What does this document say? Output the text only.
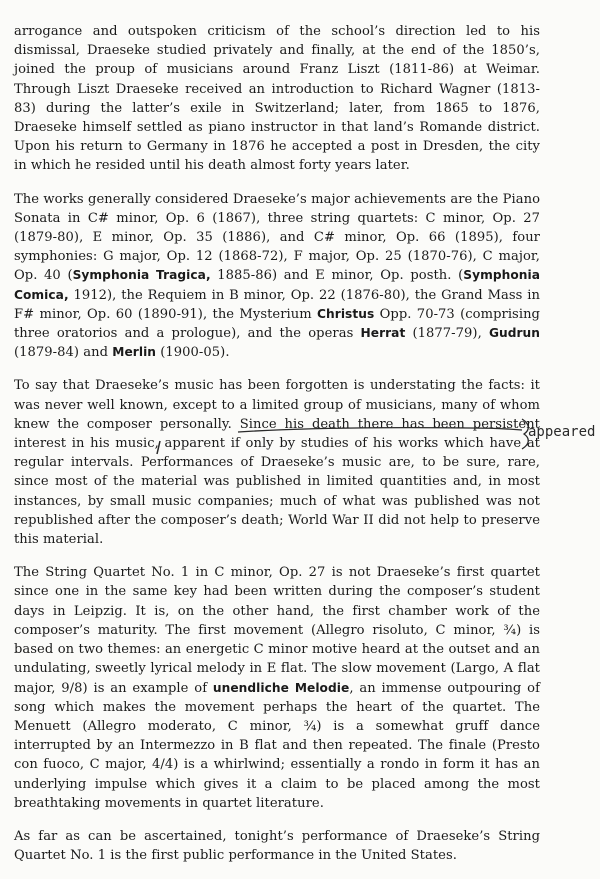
arrogance and outspoken criticism of the school’s direction led to his dismissal, Draeseke studied privately and finally, at the end of the 1850’s, joined the proup of musicians around Franz Liszt (1811-86) at Weimar. Through Liszt Draeseke received an introduction to Richard Wagner (1813-83) during the latter’s exile in Switzerland; later, from 1865 to 1876, Draeseke himself settled as piano instructor in that land’s Romande district. Upon his return to Germany in 1876 he accepted a post in Dresden, the city in which he resided until his death almost forty years later.

The works generally considered Draeseke’s major achievements are the Piano Sonata in C# minor, Op. 6 (1867), three string quartets: C minor, Op. 27 (1879-80), E minor, Op. 35 (1886), and C# minor, Op. 66 (1895), four symphonies: G major, Op. 12 (1868-72), F major, Op. 25 (1870-76), C major, Op. 40 (Symphonia Tragica, 1885-86) and E minor, Op. posth. (Symphonia Comica, 1912), the Requiem in B minor, Op. 22 (1876-80), the Grand Mass in F# minor, Op. 60 (1890-91), the Mysterium Christus Opp. 70-73 (comprising three oratorios and a prologue), and the operas Herrat (1877-79), Gudrun (1879-84) and Merlin (1900-05).

To say that Draeseke’s music has been forgotten is understating the facts: it was never well known, except to a limited group of musicians, many of whom knew the composer personally. Since his death there has been persistent interest in his music, apparent if only by studies of his works which have at regular intervals. Performances of Draeseke’s music are, to be sure, rare, since most of the material was published in limited quantities and, in most instances, by small music companies; much of what was published was not republished after the composer’s death; World War II did not help to preserve this material.

The String Quartet No. 1 in C minor, Op. 27 is not Draeseke’s first quartet since one in the same key had been written during the composer’s student days in Leipzig. It is, on the other hand, the first chamber work of the composer’s maturity. The first movement (Allegro risoluto, C minor, ¾) is based on two themes: an energetic C minor motive heard at the outset and an undulating, sweetly lyrical melody in E flat. The slow movement (Largo, A flat major, 9/8) is an example of unendliche Melodie, an immense outpouring of song which makes the movement perhaps the heart of the quartet. The Menuett (Allegro moderato, C minor, ¾) is a somewhat gruff dance interrupted by an Intermezzo in B flat and then repeated. The finale (Presto con fuoco, C major, 4/4) is a whirlwind; essentially a rondo in form it has an underlying impulse which gives it a claim to be placed among the most breathtaking movements in quartet literature.

As far as can be ascertained, tonight’s performance of Draeseke’s String Quartet No. 1 is the first public performance in the United States.

appeared
